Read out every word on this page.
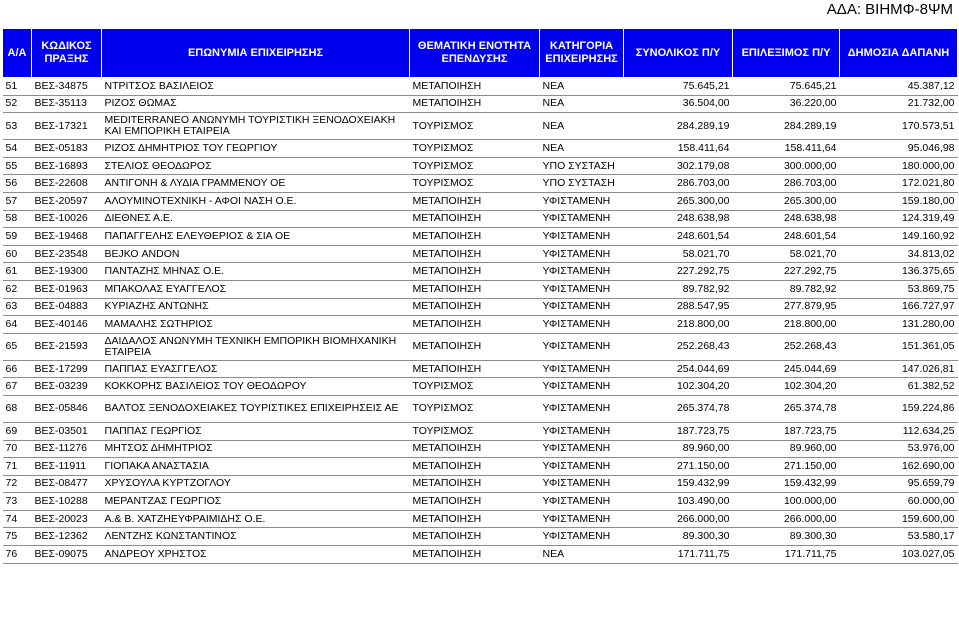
ΑΔΑ: ΒΙΗΜΦ-8ΨΜ
Α/Α	ΚΩΔΙΚΟΣ ΠΡΑΞΗΣ	ΕΠΩΝΥΜΙΑ ΕΠΙΧΕΙΡΗΣΗΣ	ΘΕΜΑΤΙΚΗ ΕΝΟΤΗΤΑ ΕΠΕΝΔΥΣΗΣ	ΚΑΤΗΓΟΡΙΑ ΕΠΙΧΕΙΡΗΣΗΣ	ΣΥΝΟΛΙΚΟΣ Π/Υ	ΕΠΙΛΕΞΙΜΟΣ Π/Υ	ΔΗΜΟΣΙΑ ΔΑΠΑΝΗ
51	ΒΕΣ-34875	ΝΤΡΙΤΣΟΣ ΒΑΣΙΛΕΙΟΣ	ΜΕΤΑΠΟΙΗΣΗ	ΝΕΑ	75.645,21	75.645,21	45.387,12
52	ΒΕΣ-35113	ΡΙΖΟΣ ΘΩΜΑΣ	ΜΕΤΑΠΟΙΗΣΗ	ΝΕΑ	36.504,00	36.220,00	21.732,00
53	ΒΕΣ-17321	MEDITERRANEO ΑΝΩΝΥΜΗ ΤΟΥΡΙΣΤΙΚΗ ΞΕΝΟΔΟΧΕΙΑΚΗ ΚΑΙ ΕΜΠΟΡΙΚΗ ΕΤΑΙΡΕΙΑ	ΤΟΥΡΙΣΜΟΣ	ΝΕΑ	284.289,19	284.289,19	170.573,51
54	ΒΕΣ-05183	ΡΙΖΟΣ ΔΗΜΗΤΡΙΟΣ ΤΟΥ ΓΕΩΡΓΙΟΥ	ΤΟΥΡΙΣΜΟΣ	ΝΕΑ	158.411,64	158.411,64	95.046,98
55	ΒΕΣ-16893	ΣΤΕΛΙΟΣ ΘΕΟΔΩΡΟΣ	ΤΟΥΡΙΣΜΟΣ	ΥΠΟ ΣΥΣΤΑΣΗ	302.179,08	300.000,00	180.000,00
56	ΒΕΣ-22608	ΑΝΤΙΓΟΝΗ & ΛΥΔΙΑ ΓΡΑΜΜΕΝΟΥ ΟΕ	ΤΟΥΡΙΣΜΟΣ	ΥΠΟ ΣΥΣΤΑΣΗ	286.703,00	286.703,00	172.021,80
57	ΒΕΣ-20597	ΑΛΟΥΜΙΝΟΤΕΧΝΙΚΗ - ΑΦΟΙ ΝΑΣΗ Ο.Ε.	ΜΕΤΑΠΟΙΗΣΗ	ΥΦΙΣΤΑΜΕΝΗ	265.300,00	265.300,00	159.180,00
58	ΒΕΣ-10026	ΔΙΕΘΝΕΣ Α.Ε.	ΜΕΤΑΠΟΙΗΣΗ	ΥΦΙΣΤΑΜΕΝΗ	248.638,98	248.638,98	124.319,49
59	ΒΕΣ-19468	ΠΑΠΑΓΓΕΛΗΣ ΕΛΕΥΘΕΡΙΟΣ & ΣΙΑ ΟΕ	ΜΕΤΑΠΟΙΗΣΗ	ΥΦΙΣΤΑΜΕΝΗ	248.601,54	248.601,54	149.160,92
60	ΒΕΣ-23548	ΒΕJΚΟ ANDON	ΜΕΤΑΠΟΙΗΣΗ	ΥΦΙΣΤΑΜΕΝΗ	58.021,70	58.021,70	34.813,02
61	ΒΕΣ-19300	ΠΑΝΤΑΖΗΣ ΜΗΝΑΣ Ο.Ε.	ΜΕΤΑΠΟΙΗΣΗ	ΥΦΙΣΤΑΜΕΝΗ	227.292,75	227.292,75	136.375,65
62	ΒΕΣ-01963	ΜΠΑΚΟΛΑΣ ΕΥΑΓΓΕΛΟΣ	ΜΕΤΑΠΟΙΗΣΗ	ΥΦΙΣΤΑΜΕΝΗ	89.782,92	89.782,92	53.869,75
63	ΒΕΣ-04883	ΚΥΡΙΑΖΗΣ ΑΝΤΩΝΗΣ	ΜΕΤΑΠΟΙΗΣΗ	ΥΦΙΣΤΑΜΕΝΗ	288.547,95	277.879,95	166.727,97
64	ΒΕΣ-40146	ΜΑΜΑΛΗΣ ΣΩΤΗΡΙΟΣ	ΜΕΤΑΠΟΙΗΣΗ	ΥΦΙΣΤΑΜΕΝΗ	218.800,00	218.800,00	131.280,00
65	ΒΕΣ-21593	ΔΑΙΔΑΛΟΣ ΑΝΩΝΥΜΗ ΤΕΧΝΙΚΗ ΕΜΠΟΡΙΚΗ ΒΙΟΜΗΧΑΝΙΚΗ ΕΤΑΙΡΕΙΑ	ΜΕΤΑΠΟΙΗΣΗ	ΥΦΙΣΤΑΜΕΝΗ	252.268,43	252.268,43	151.361,05
66	ΒΕΣ-17299	ΠΑΠΠΑΣ ΕΥΑΣΓΓΕΛΟΣ	ΜΕΤΑΠΟΙΗΣΗ	ΥΦΙΣΤΑΜΕΝΗ	254.044,69	245.044,69	147.026,81
67	ΒΕΣ-03239	ΚΟΚΚΟΡΗΣ ΒΑΣΙΛΕΙΟΣ ΤΟΥ ΘΕΟΔΩΡΟΥ	ΤΟΥΡΙΣΜΟΣ	ΥΦΙΣΤΑΜΕΝΗ	102.304,20	102.304,20	61.382,52
68	ΒΕΣ-05846	ΒΑΛΤΟΣ ΞΕΝΟΔΟΧΕΙΑΚΕΣ ΤΟΥΡΙΣΤΙΚΕΣ ΕΠΙΧΕΙΡΗΣΕΙΣ ΑΕ	ΤΟΥΡΙΣΜΟΣ	ΥΦΙΣΤΑΜΕΝΗ	265.374,78	265.374,78	159.224,86
69	ΒΕΣ-03501	ΠΑΠΠΑΣ ΓΕΩΡΓΙΟΣ	ΤΟΥΡΙΣΜΟΣ	ΥΦΙΣΤΑΜΕΝΗ	187.723,75	187.723,75	112.634,25
70	ΒΕΣ-11276	ΜΗΤΣΟΣ ΔΗΜΗΤΡΙΟΣ	ΜΕΤΑΠΟΙΗΣΗ	ΥΦΙΣΤΑΜΕΝΗ	89.960,00	89.960,00	53.976,00
71	ΒΕΣ-11911	ΓΙΟΠΑΚΑ ΑΝΑΣΤΑΣΙΑ	ΜΕΤΑΠΟΙΗΣΗ	ΥΦΙΣΤΑΜΕΝΗ	271.150,00	271.150,00	162.690,00
72	ΒΕΣ-08477	ΧΡΥΣΟΥΛΑ ΚΥΡΤΖΟΓΛΟΥ	ΜΕΤΑΠΟΙΗΣΗ	ΥΦΙΣΤΑΜΕΝΗ	159.432,99	159.432,99	95.659,79
73	ΒΕΣ-10288	ΜΕΡΑΝΤΖΑΣ ΓΕΩΡΓΙΟΣ	ΜΕΤΑΠΟΙΗΣΗ	ΥΦΙΣΤΑΜΕΝΗ	103.490,00	100.000,00	60.000,00
74	ΒΕΣ-20023	Α.& Β. ΧΑΤΖΗΕΥΦΡΑΙΜΙΔΗΣ Ο.Ε.	ΜΕΤΑΠΟΙΗΣΗ	ΥΦΙΣΤΑΜΕΝΗ	266.000,00	266.000,00	159.600,00
75	ΒΕΣ-12362	ΛΕΝΤΖΗΣ ΚΩΝΣΤΑΝΤΙΝΟΣ	ΜΕΤΑΠΟΙΗΣΗ	ΥΦΙΣΤΑΜΕΝΗ	89.300,30	89.300,30	53.580,17
76	ΒΕΣ-09075	ΑΝΔΡΕΟΥ ΧΡΗΣΤΟΣ	ΜΕΤΑΠΟΙΗΣΗ	ΝΕΑ	171.711,75	171.711,75	103.027,05
